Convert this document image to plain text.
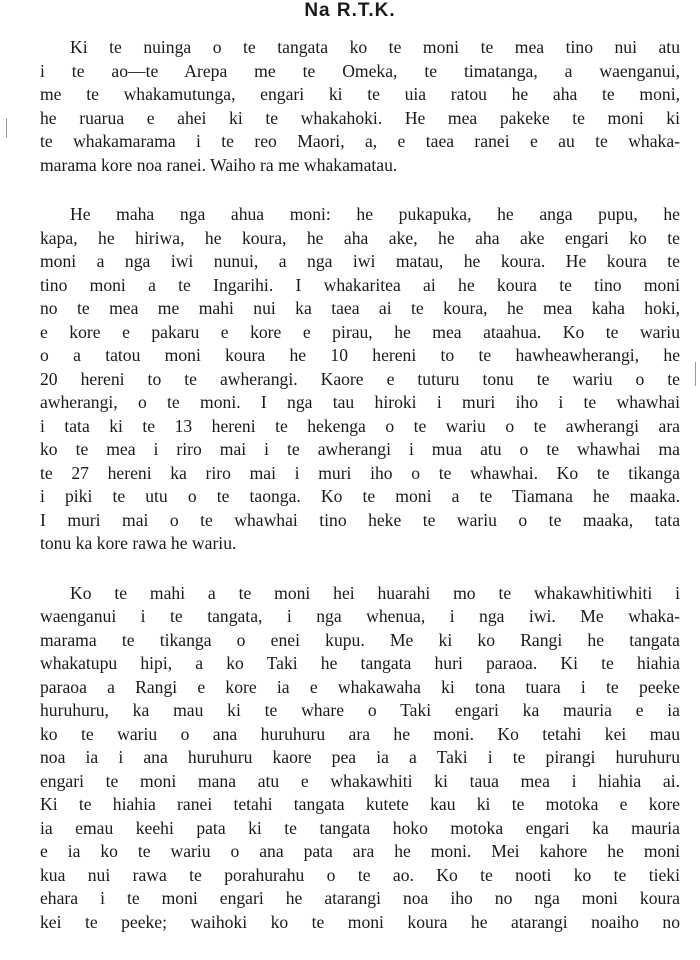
Na R.T.K.

Ki te nuinga o te tangata ko te moni te mea tino nui atu
i te ao—te Arepa me te Omeka, te timatanga, a waenganui,
me te whakamutunga, engari ki te uia ratou he aha te moni,
he ruarua e ahei ki te whakahoki. He mea pakeke te moni ki
te whakamarama i te reo Maori, a, e taea ranei e au te whaka-
marama kore noa ranei. Waiho ra me whakamatau.

He maha nga ahua moni: he pukapuka, he anga pupu, he
kapa, he hiriwa, he koura, he aha ake, he aha ake engari ko te
moni a nga iwi nunui, a nga iwi matau, he koura. He koura te
tino moni a te Ingarihi. I whakaritea ai he koura te tino moni
no te mea me mahi nui ka taea ai te koura, he mea kaha hoki,
e kore e pakaru e kore e pirau, he mea ataahua. Ko te wariu
o a tatou moni koura he 10 hereni to te hawheawherangi, he
20 hereni to te awherangi. Kaore e tuturu tonu te wariu o te
awherangi, o te moni. I nga tau hiroki i muri iho i te whawhai
i tata ki te 13 hereni te hekenga o te wariu o te awherangi ara
ko te mea i riro mai i te awherangi i mua atu o te whawhai ma
te 27 hereni ka riro mai i muri iho o te whawhai. Ko te tikanga
i piki te utu o te taonga. Ko te moni a te Tiamana he maaka.
I muri mai o te whawhai tino heke te wariu o te maaka, tata
tonu ka kore rawa he wariu.

Ko te mahi a te moni hei huarahi mo te whakawhitiwhiti i
waenganui i te tangata, i nga whenua, i nga iwi. Me whaka-
marama te tikanga o enei kupu. Me ki ko Rangi he tangata
whakatupu hipi, a ko Taki he tangata huri paraoa. Ki te hiahia
paraoa a Rangi e kore ia e whakawaha ki tona tuara i te peeke
huruhuru, ka mau ki te whare o Taki engari ka mauria e ia
ko te wariu o ana huruhuru ara he moni. Ko tetahi kei mau
noa ia i ana huruhuru kaore pea ia a Taki i te pirangi huruhuru
engari te moni mana atu e whakawhiti ki taua mea i hiahia ai.
Ki te hiahia ranei tetahi tangata kutete kau ki te motoka e kore
ia emau keehi pata ki te tangata hoko motoka engari ka mauria
e ia ko te wariu o ana pata ara he moni. Mei kahore he moni
kua nui rawa te porahurahu o te ao. Ko te nooti ko te tieki
ehara i te moni engari he atarangi noa iho no nga moni koura
kei te peeke; waihoki ko te moni koura he atarangi noaiho no
